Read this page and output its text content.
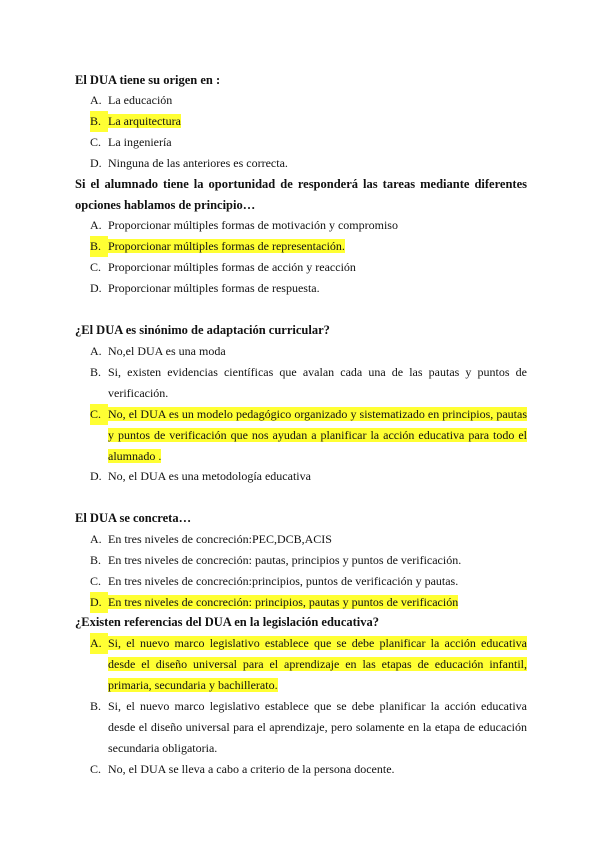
El DUA tiene su origen en :

A. La educación
B. La arquitectura
C. La ingeniería
D. Ninguna de las anteriores es correcta.

Si el alumnado tiene la oportunidad de responderá las tareas mediante diferentes opciones hablamos de principio…

A. Proporcionar múltiples formas de motivación y compromiso
B. Proporcionar múltiples formas de representación.
C. Proporcionar múltiples formas de acción y reacción
D. Proporcionar múltiples formas de respuesta.

¿El DUA es sinónimo de adaptación curricular?

A. No,el DUA es una moda
B. Si, existen evidencias científicas que avalan cada una de las pautas y puntos de verificación.
C. No, el DUA es un modelo pedagógico organizado y sistematizado en principios, pautas y puntos de verificación que nos ayudan a planificar la acción educativa para todo el alumnado .
D. No, el DUA es una metodología educativa

El DUA se concreta…

A. En tres niveles de concreción:PEC,DCB,ACIS
B. En tres niveles de concreción: pautas, principios y puntos de verificación.
C. En tres niveles de concreción:principios, puntos de verificación y pautas.
D. En tres niveles de concreción: principios, pautas y puntos de verificación

¿Existen referencias del DUA en la legislación educativa?

A. Si, el nuevo marco legislativo establece que se debe planificar la acción educativa desde el diseño universal para el aprendizaje en las etapas de educación infantil, primaria, secundaria y bachillerato.
B. Si, el nuevo marco legislativo establece que se debe planificar la acción educativa desde el diseño universal para el aprendizaje, pero solamente en la etapa de educación secundaria obligatoria.
C. No, el DUA se lleva a cabo a criterio de la persona docente.
